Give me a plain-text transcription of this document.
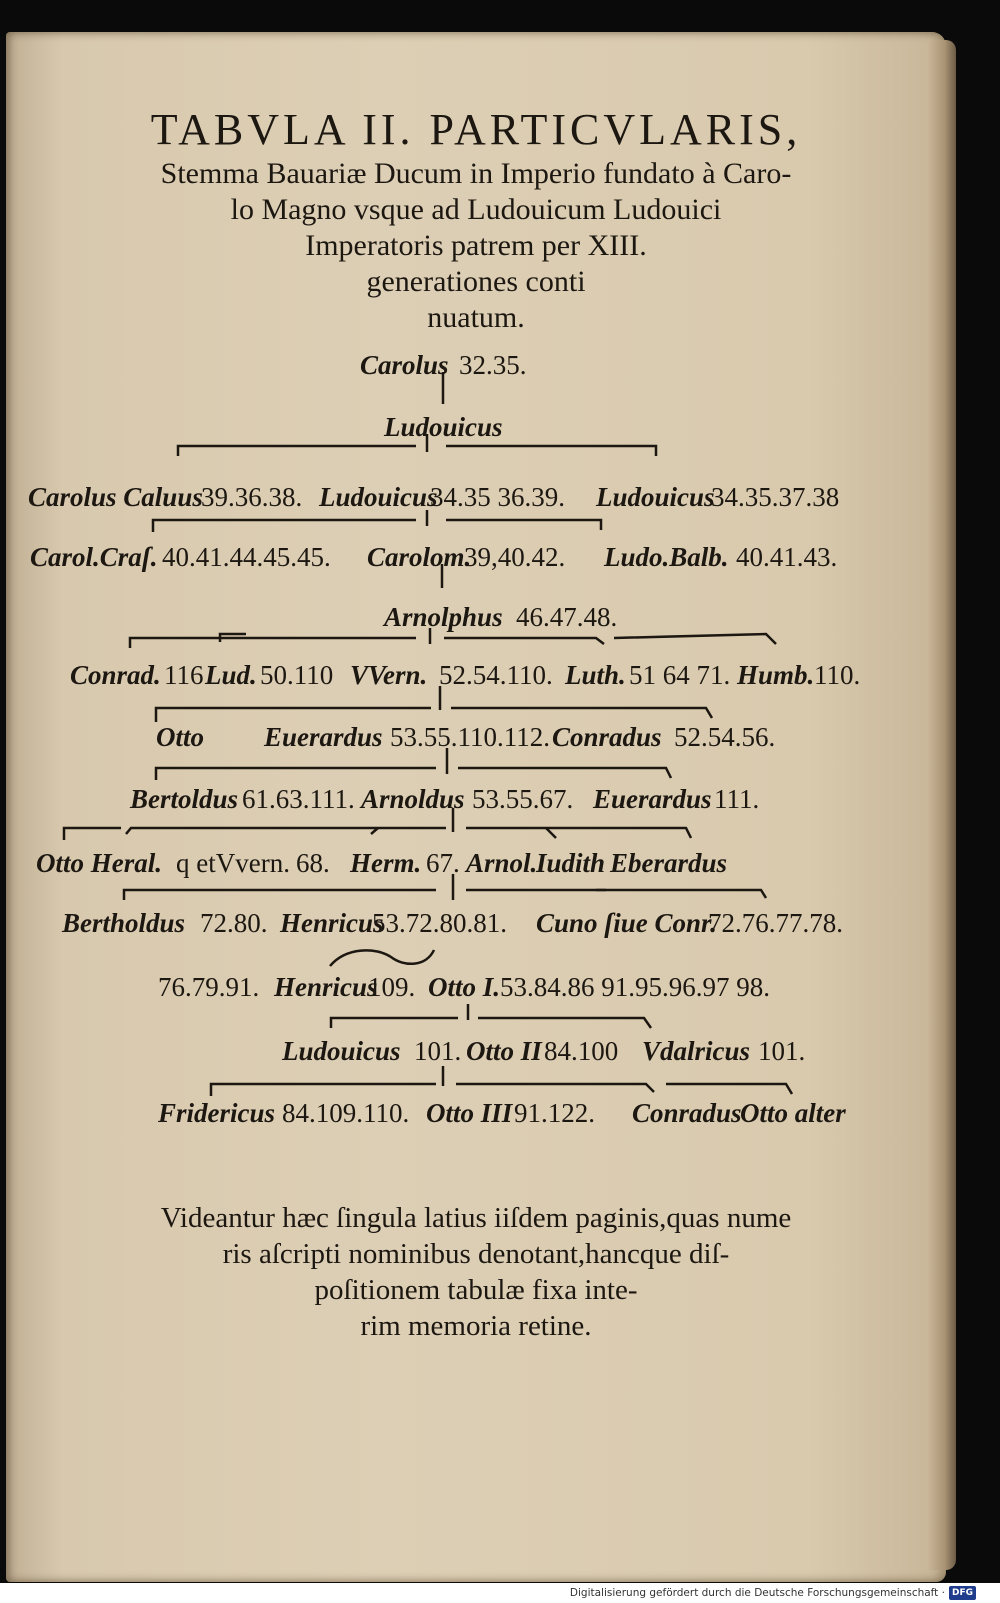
TABVLA II. PARTICVLARIS,
Stemma Bauariæ Ducum in Imperio fundato à Caro-
lo Magno vsque ad Ludouicum Ludouici
Imperatoris patrem per XIII.
generationes conti
nuatum.
Carolus 32.35.
Ludouicus
Carolus Caluus
39.36.38. Ludouicus
34.35 36.39. Ludouicus
34.35.37.38
Carol.Craſ. 40.41.44.45.45. Carolom.
39,40.42. Ludo.Balb. 40.41.43.
Arnolphus 46.47.48.
Conrad. 116 Lud. 50.110 VVern. 52.54.110. Luth. 51 64 71. Humb. 110.
Otto Euerardus 53.55.110.112. Conradus 52.54.56.
Bertoldus 61.63.111. Arnoldus 53.55.67. Euerardus 111.
Otto Heral. q etVvern. 68. Herm. 67. Arnol.
Iudith Eberardus
Bertholdus 72.80. Henricus
53.72.80.81. Cuno ſiue Conr.
72.76.77.78.
76.79.91. Henricus
109. Otto I. 53.84.86 91.95.96.97 98.
Ludouicus 101. Otto II 84.100 Vdalricus 101.
Fridericus 84.109.110. Otto III 91.122. Conradus
Otto alter
Videantur hæc ſingula latius iiſdem paginis,quas nume
ris aſcripti nominibus denotant,hancque diſ-
poſitionem tabulæ fixa inte-
rim memoria retine.
Digitalisierung gefördert durch die Deutsche Forschungsgemeinschaft · DFG
